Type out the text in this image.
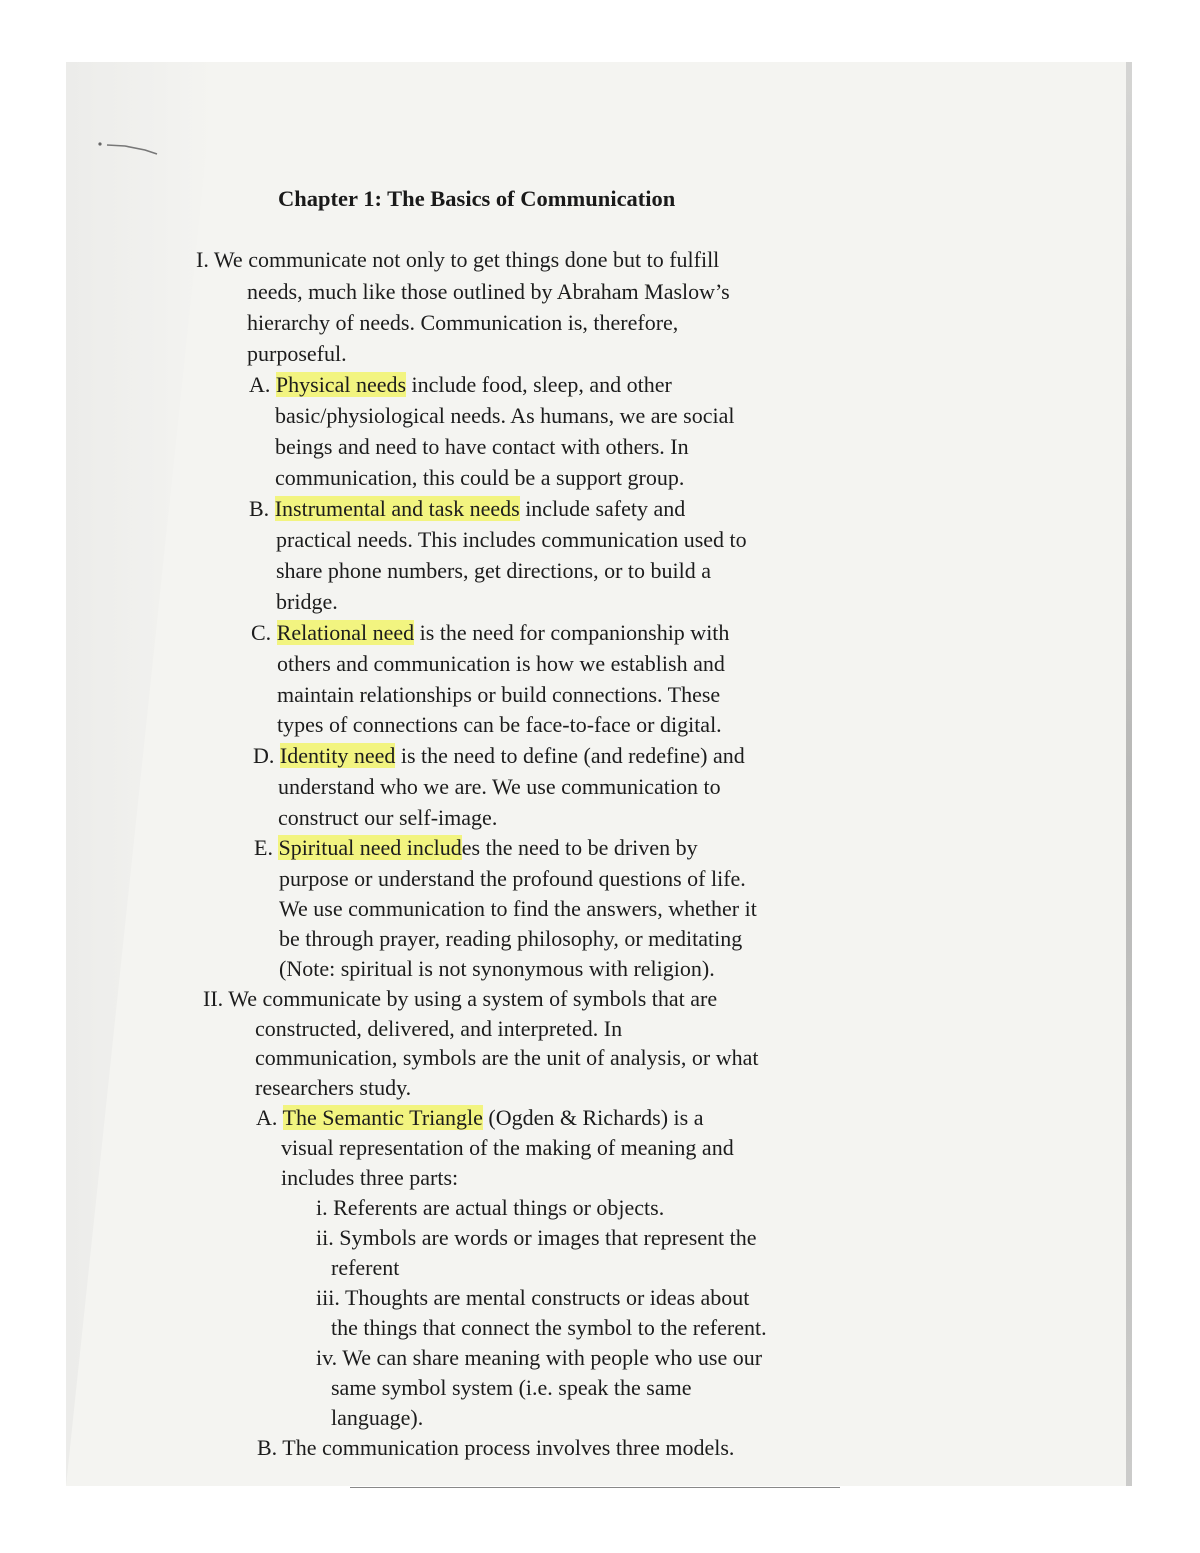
Chapter 1: The Basics of Communication
I. We communicate not only to get things done but to fulfill
needs, much like those outlined by Abraham Maslow’s
hierarchy of needs. Communication is, therefore,
purposeful.
A. Physical needs include food, sleep, and other
basic/physiological needs. As humans, we are social
beings and need to have contact with others. In
communication, this could be a support group.
B. Instrumental and task needs include safety and
practical needs. This includes communication used to
share phone numbers, get directions, or to build a
bridge.
C. Relational need is the need for companionship with
others and communication is how we establish and
maintain relationships or build connections. These
types of connections can be face-to-face or digital.
D. Identity need is the need to define (and redefine) and
understand who we are. We use communication to
construct our self-image.
E. Spiritual need includes the need to be driven by
purpose or understand the profound questions of life.
We use communication to find the answers, whether it
be through prayer, reading philosophy, or meditating
(Note: spiritual is not synonymous with religion).
II. We communicate by using a system of symbols that are
constructed, delivered, and interpreted. In
communication, symbols are the unit of analysis, or what
researchers study.
A. The Semantic Triangle (Ogden & Richards) is a
visual representation of the making of meaning and
includes three parts:
i. Referents are actual things or objects.
ii. Symbols are words or images that represent the
referent
iii. Thoughts are mental constructs or ideas about
the things that connect the symbol to the referent.
iv. We can share meaning with people who use our
same symbol system (i.e. speak the same
language).
B. The communication process involves three models.
